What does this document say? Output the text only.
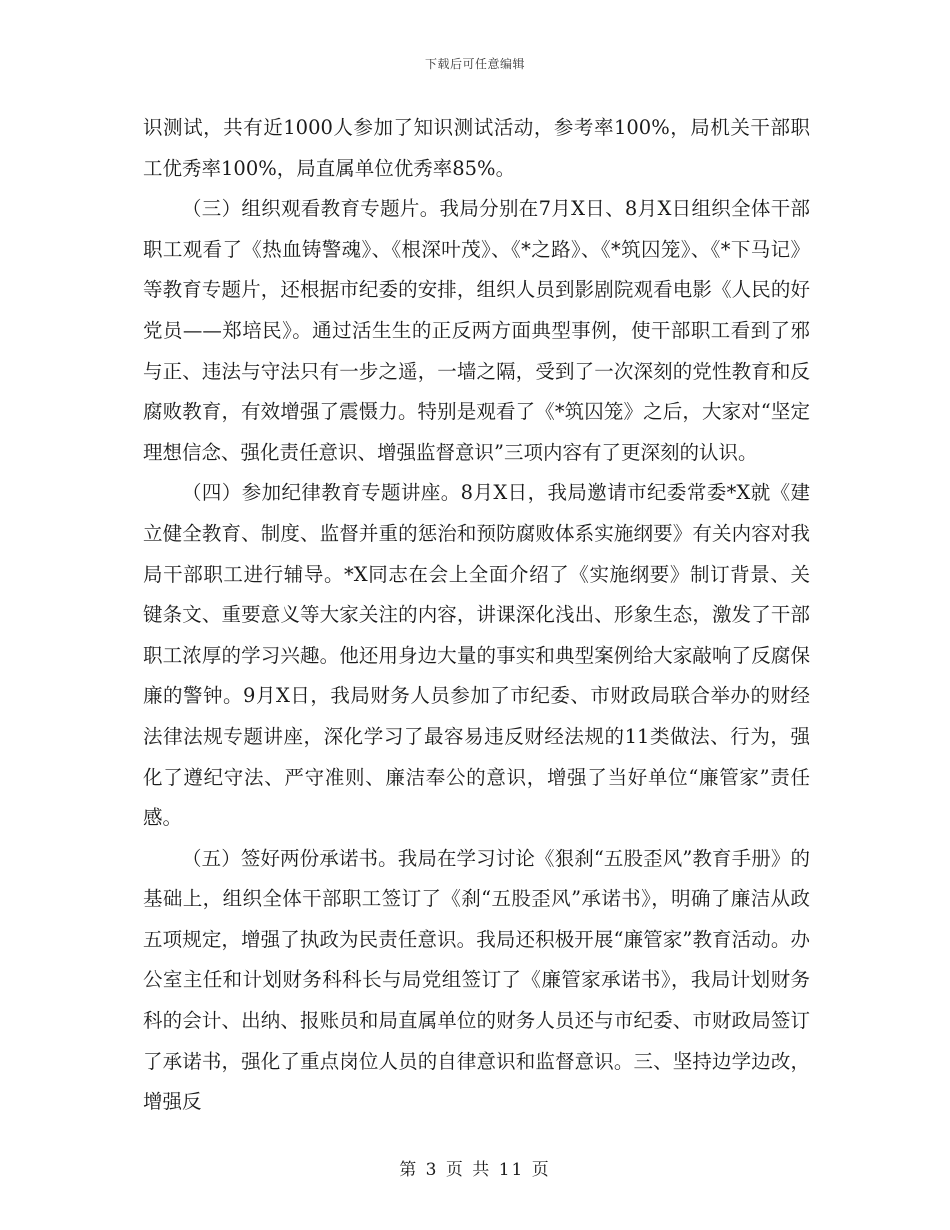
下载后可任意编辑

识测试，共有近1000人参加了知识测试活动，参考率100%，局机关干部职工优秀率100%，局直属单位优秀率85%。

（三）组织观看教育专题片。我局分别在7月X日、8月X日组织全体干部职工观看了《热血铸警魂》、《根深叶茂》、《*之路》、《*筑囚笼》、《*下马记》等教育专题片，还根据市纪委的安排，组织人员到影剧院观看电影《人民的好党员——郑培民》。通过活生生的正反两方面典型事例，使干部职工看到了邪与正、违法与守法只有一步之遥，一墙之隔，受到了一次深刻的党性教育和反腐败教育，有效增强了震慑力。特别是观看了《*筑囚笼》之后，大家对“坚定理想信念、强化责任意识、增强监督意识”三项内容有了更深刻的认识。

（四）参加纪律教育专题讲座。8月X日，我局邀请市纪委常委*X就《建立健全教育、制度、监督并重的惩治和预防腐败体系实施纲要》有关内容对我局干部职工进行辅导。*X同志在会上全面介绍了《实施纲要》制订背景、关键条文、重要意义等大家关注的内容，讲课深化浅出、形象生态，激发了干部职工浓厚的学习兴趣。他还用身边大量的事实和典型案例给大家敲响了反腐保廉的警钟。9月X日，我局财务人员参加了市纪委、市财政局联合举办的财经法律法规专题讲座，深化学习了最容易违反财经法规的11类做法、行为，强化了遵纪守法、严守准则、廉洁奉公的意识，增强了当好单位“廉管家”责任感。

（五）签好两份承诺书。我局在学习讨论《狠刹“五股歪风”教育手册》的基础上，组织全体干部职工签订了《刹“五股歪风”承诺书》，明确了廉洁从政五项规定，增强了执政为民责任意识。我局还积极开展“廉管家”教育活动。办公室主任和计划财务科科长与局党组签订了《廉管家承诺书》，我局计划财务科的会计、出纳、报账员和局直属单位的财务人员还与市纪委、市财政局签订了承诺书，强化了重点岗位人员的自律意识和监督意识。三、坚持边学边改，增强反

第 3 页 共 11 页
